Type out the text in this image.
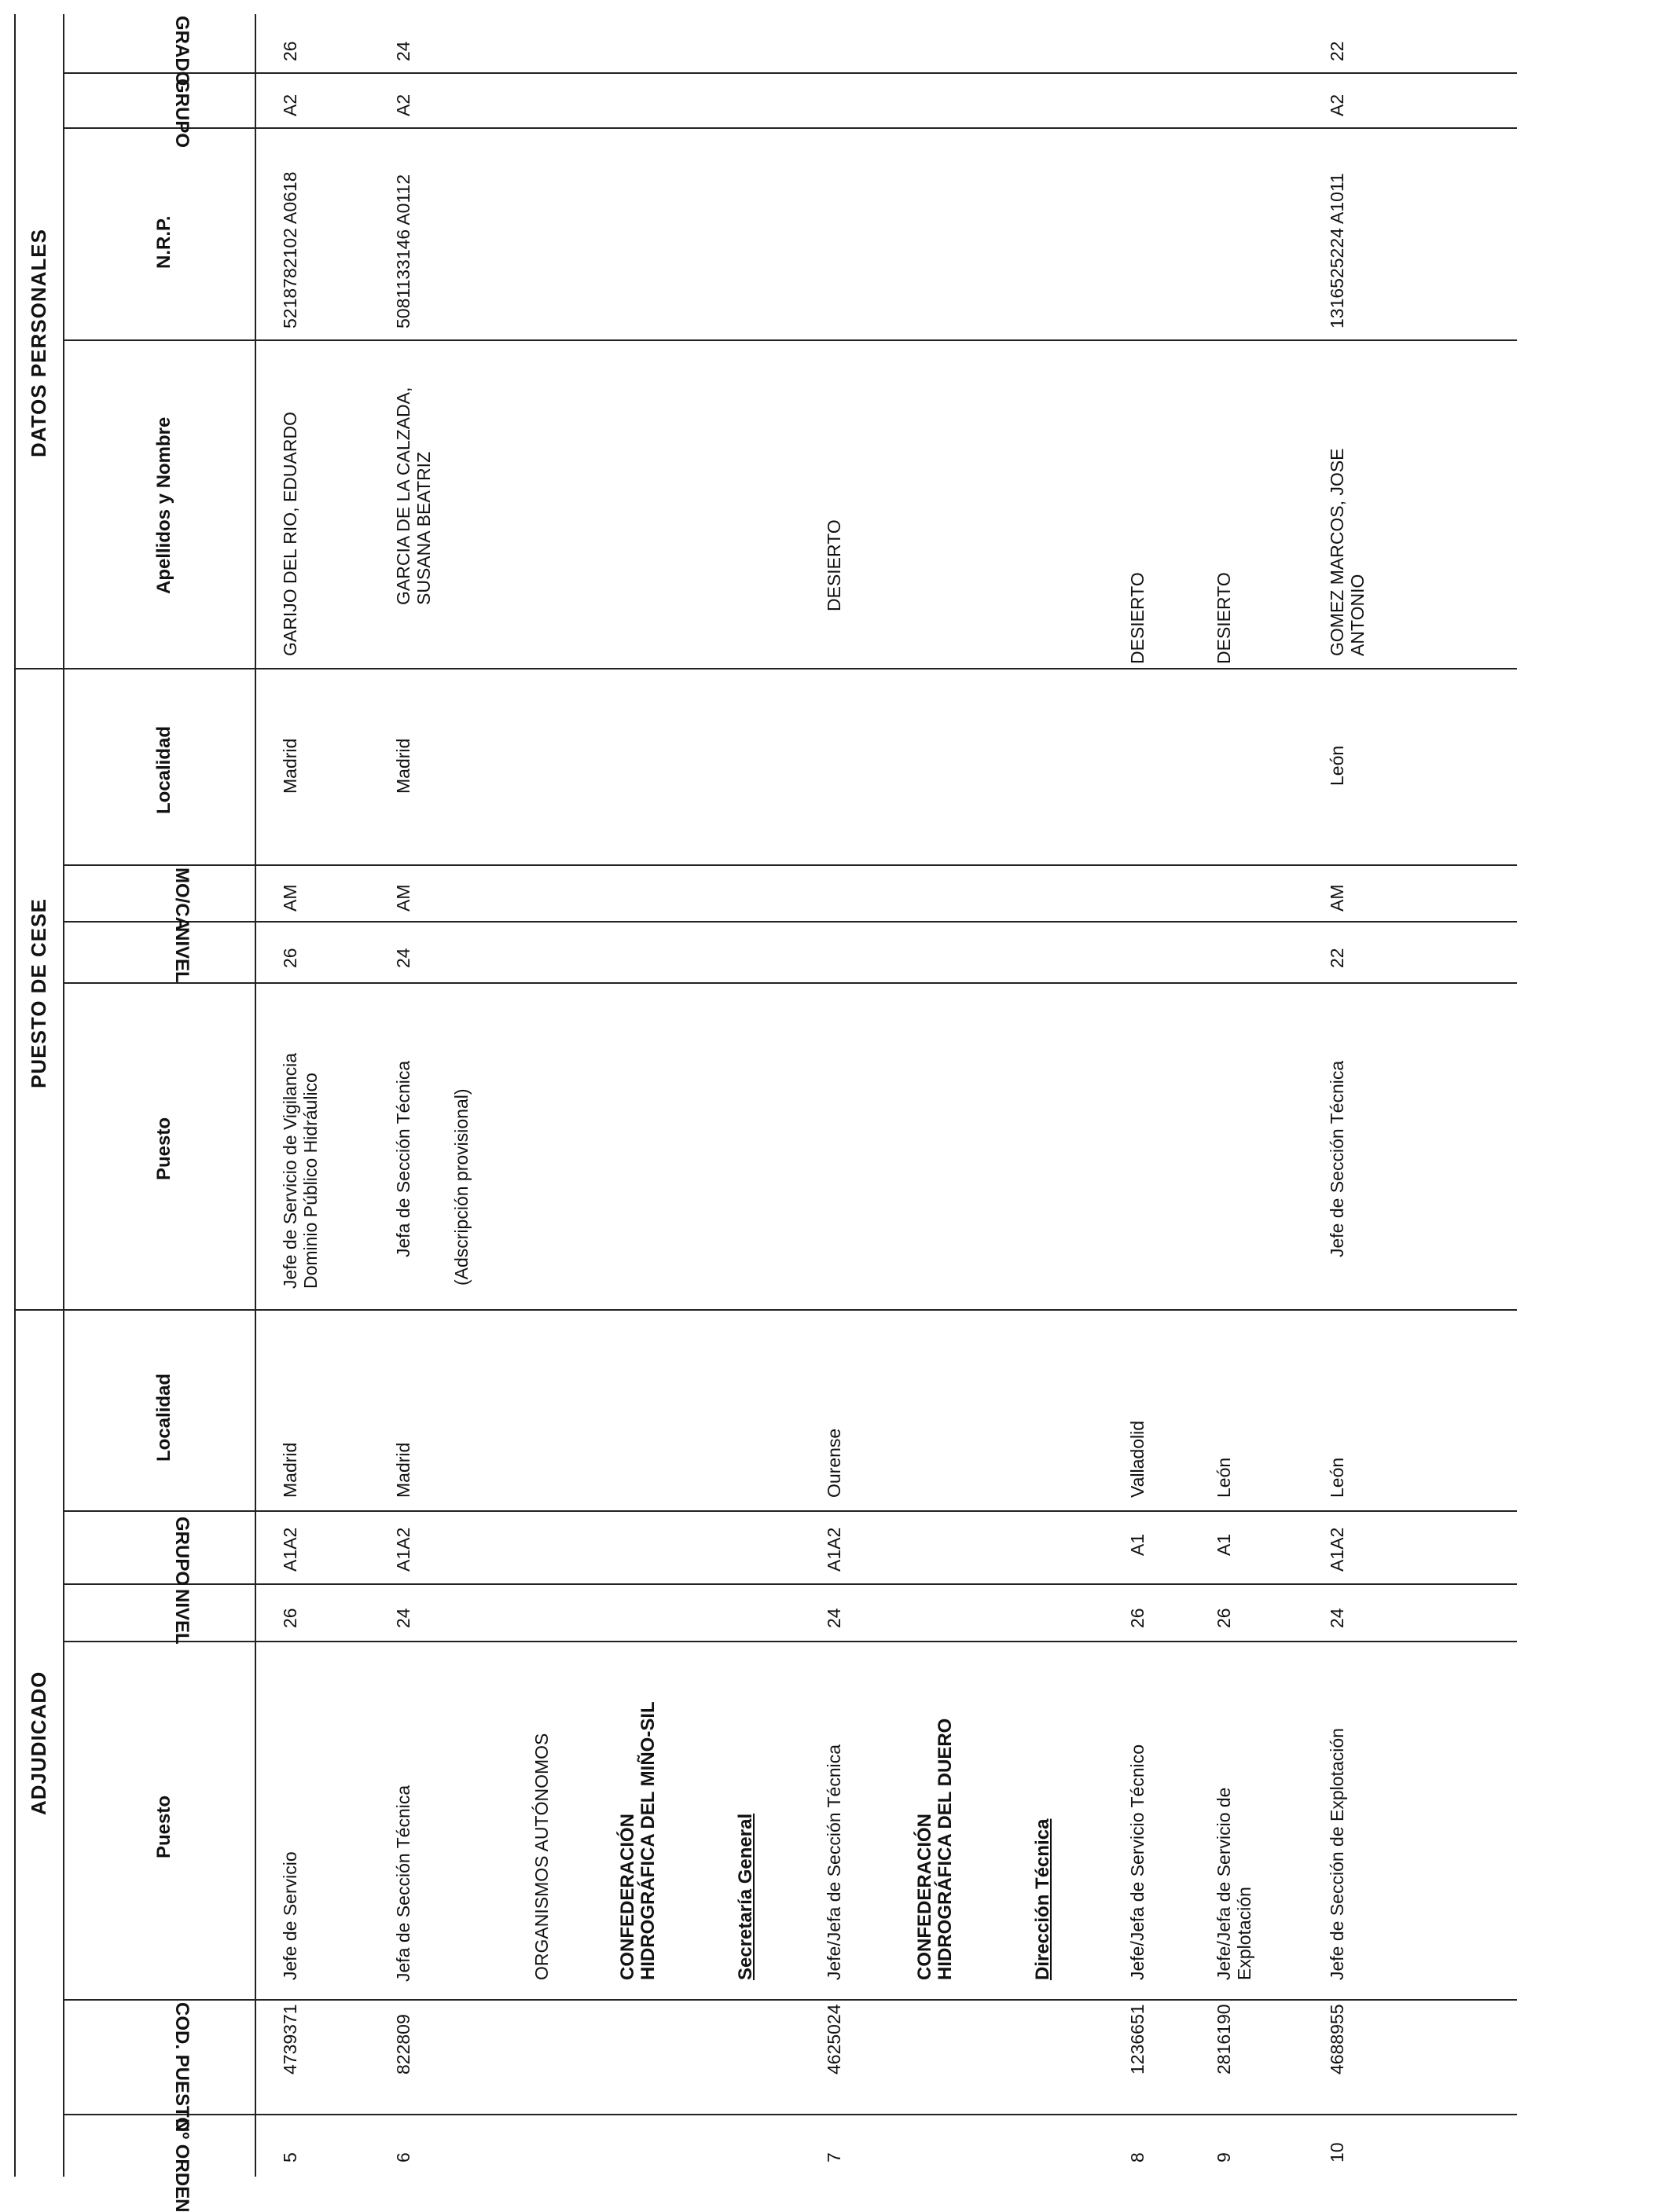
DATOS PERSONALES
PUESTO DE CESE
ADJUDICADO
GRADO
GRUPO
N.R.P.
Apellidos y Nombre
Localidad
MO/CA
NIVEL
Puesto
Localidad
GRUPO
NIVEL
Puesto
COD. PUESTO
Nº ORDEN	5
4739371
Jefe de Servicio
26
A1A2
Madrid
Jefe de Servicio de Vigilancia
Dominio Público Hidráulico
26
AM
Madrid
GARIJO DEL RIO, EDUARDO
5218782102 A0618
A2
26
6
822809
Jefa de Sección Técnica
24
A1A2
Madrid
Jefa de Sección Técnica (Adscripción provisional)
24
AM
Madrid
GARCIA DE LA CALZADA,
SUSANA BEATRIZ
5081133146 A0112
A2
24
ORGANISMOS AUTÓNOMOS	CONFEDERACIÓN
HIDROGRÁFICA DEL MIÑO-SIL
Secretaría General
7
4625024
Jefe/Jefa de Sección Técnica
24
A1A2
Ourense
DESIERTO
CONFEDERACIÓN
HIDROGRÁFICA DEL DUERO
Dirección Técnica
8
1236651
Jefe/Jefa de Servicio Técnico
26
A1
Valladolid
DESIERTO
9
2816190
Jefe/Jefa de Servicio de
Explotación
26
A1
León
DESIERTO
10
4688955
Jefe de Sección de Explotación
24
A1A2
León
Jefe de Sección Técnica
22
AM
León
GOMEZ MARCOS, JOSE
ANTONIO
1316525224 A1011
A2
22
